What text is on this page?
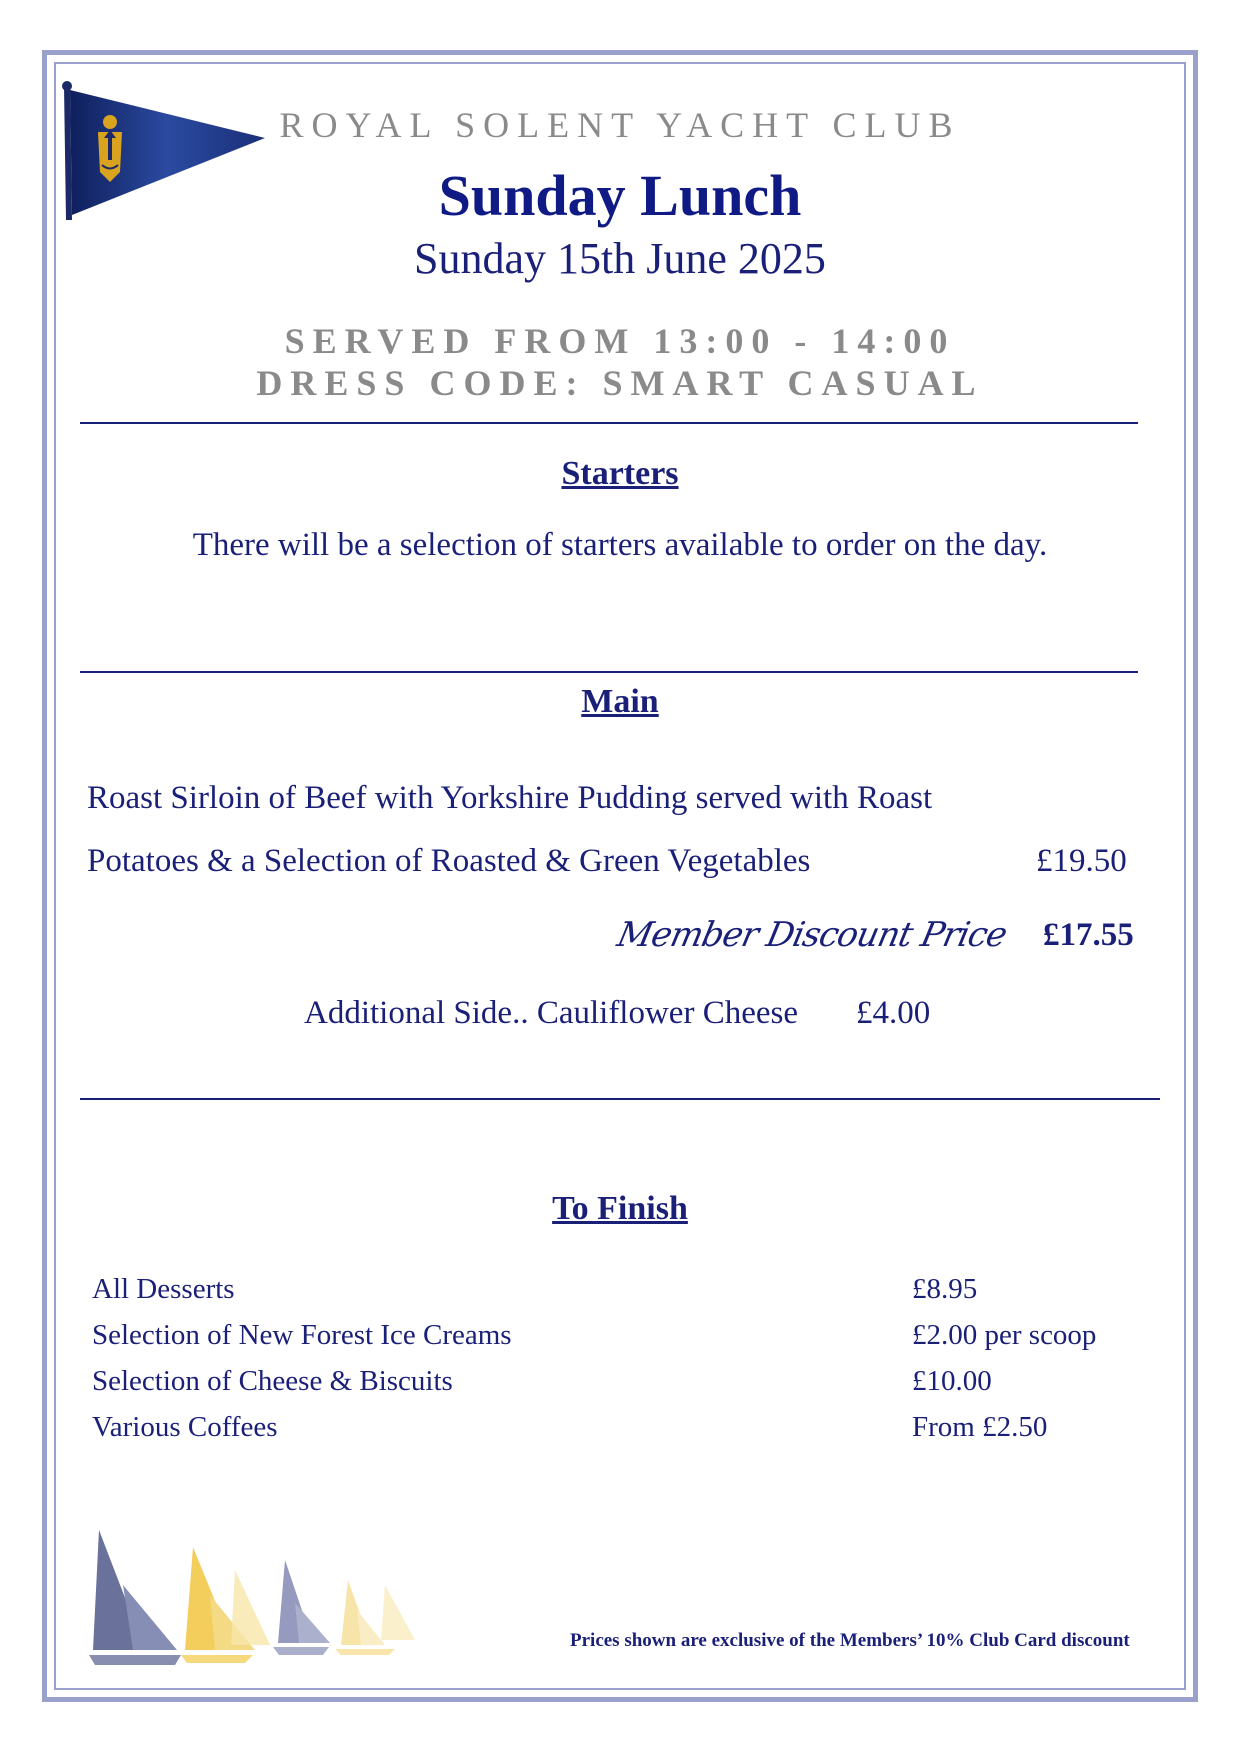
ROYAL SOLENT YACHT CLUB
Sunday Lunch
Sunday 15th June 2025
SERVED FROM 13:00 - 14:00
DRESS CODE: SMART CASUAL
Starters
There will be a selection of starters available to order on the day.
Main
Roast Sirloin of Beef with Yorkshire Pudding served with Roast
Potatoes & a Selection of Roasted & Green Vegetables	£19.50
Member Discount Price £17.55
Additional Side.. Cauliflower Cheese £4.00
To Finish
All Desserts	£8.95
Selection of New Forest Ice Creams	£2.00 per scoop
Selection of Cheese & Biscuits	£10.00
Various Coffees	From £2.50
Prices shown are exclusive of the Members’ 10% Club Card discount
